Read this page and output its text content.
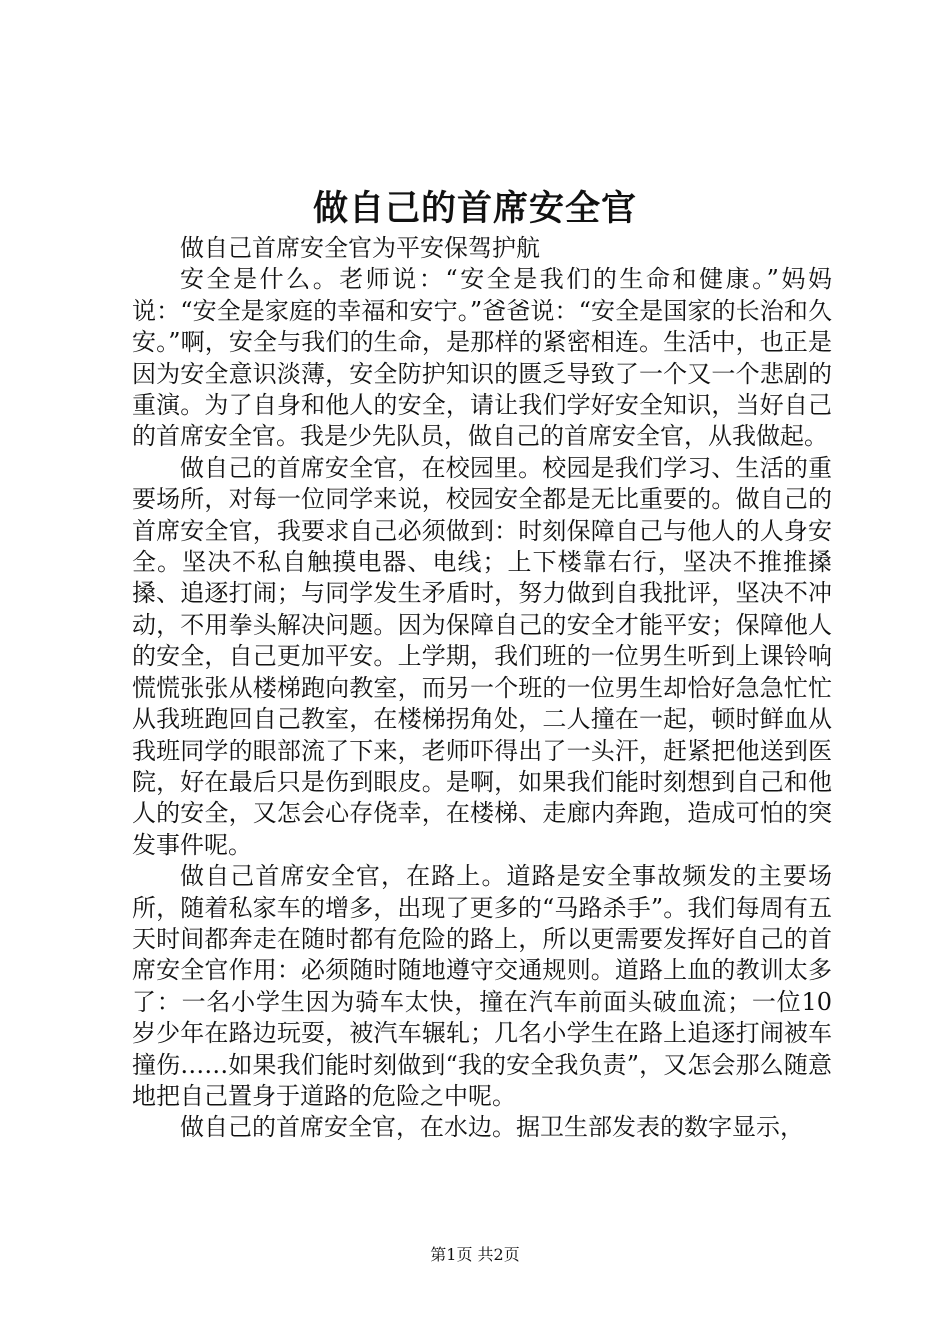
做自己的首席安全官

做自己首席安全官为平安保驾护航

安全是什么。老师说：“安全是我们的生命和健康。”妈妈说：“安全是家庭的幸福和安宁。”爸爸说：“安全是国家的长治和久安。”啊，安全与我们的生命，是那样的紧密相连。生活中，也正是因为安全意识淡薄，安全防护知识的匮乏导致了一个又一个悲剧的重演。为了自身和他人的安全，请让我们学好安全知识，当好自己的首席安全官。我是少先队员，做自己的首席安全官，从我做起。

做自己的首席安全官，在校园里。校园是我们学习、生活的重要场所，对每一位同学来说，校园安全都是无比重要的。做自己的首席安全官，我要求自己必须做到：时刻保障自己与他人的人身安全。坚决不私自触摸电器、电线；上下楼靠右行，坚决不推推搡搡、追逐打闹；与同学发生矛盾时，努力做到自我批评，坚决不冲动，不用拳头解决问题。因为保障自己的安全才能平安；保障他人的安全，自己更加平安。上学期，我们班的一位男生听到上课铃响慌慌张张从楼梯跑向教室，而另一个班的一位男生却恰好急急忙忙从我班跑回自己教室，在楼梯拐角处，二人撞在一起，顿时鲜血从我班同学的眼部流了下来，老师吓得出了一头汗，赶紧把他送到医院，好在最后只是伤到眼皮。是啊，如果我们能时刻想到自己和他人的安全，又怎会心存侥幸，在楼梯、走廊内奔跑，造成可怕的突发事件呢。

做自己首席安全官，在路上。道路是安全事故频发的主要场所，随着私家车的增多，出现了更多的“马路杀手”。我们每周有五天时间都奔走在随时都有危险的路上，所以更需要发挥好自己的首席安全官作用：必须随时随地遵守交通规则。道路上血的教训太多了：一名小学生因为骑车太快，撞在汽车前面头破血流；一位10岁少年在路边玩耍，被汽车辗轧；几名小学生在路上追逐打闹被车撞伤……如果我们能时刻做到“我的安全我负责”，又怎会那么随意地把自己置身于道路的危险之中呢。

做自己的首席安全官，在水边。据卫生部发表的数字显示，

第1页 共2页
